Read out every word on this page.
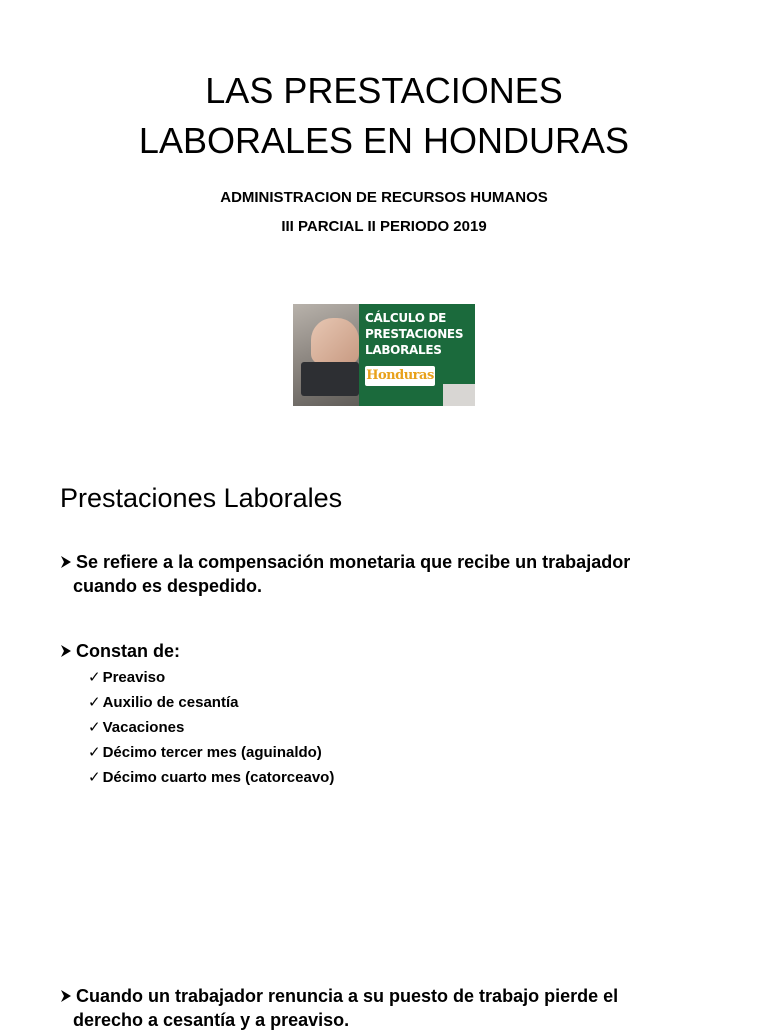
LAS PRESTACIONES
LABORALES EN HONDURAS

ADMINISTRACION DE RECURSOS HUMANOS

III PARCIAL II PERIODO 2019

CÁLCULO DE
PRESTACIONES
LABORALES
Honduras
Prestaciones Laborales
Se refiere a la compensación monetaria que recibe un trabajador
cuando es despedido.
Constan de:
✓ Preaviso
✓ Auxilio de cesantía
✓ Vacaciones
✓ Décimo tercer mes (aguinaldo)
✓ Décimo cuarto mes (catorceavo)
Cuando un trabajador renuncia a su puesto de trabajo pierde el
derecho a cesantía y a preaviso.
